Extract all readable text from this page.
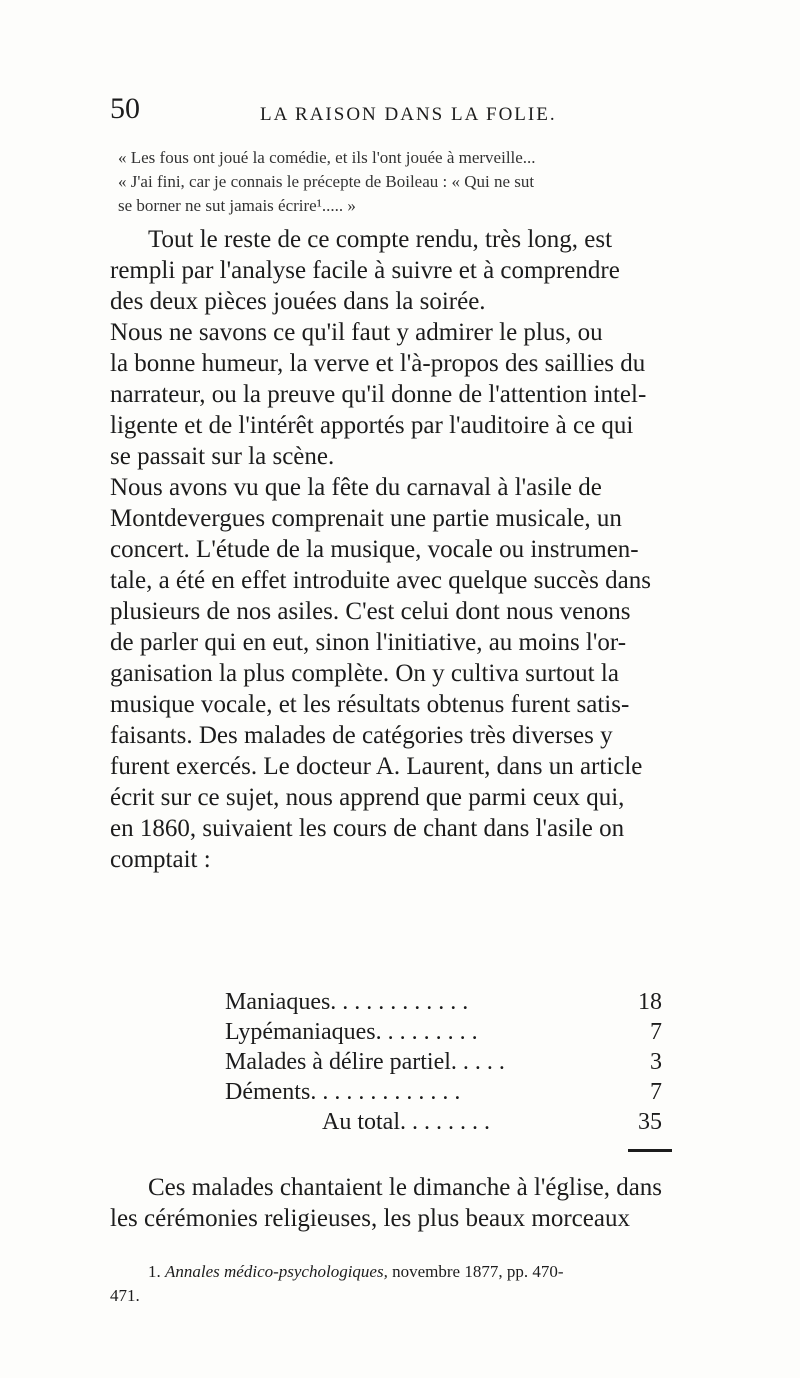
50	LA RAISON DANS LA FOLIE.

« Les fous ont joué la comédie, et ils l'ont jouée à merveille...

« J'ai fini, car je connais le précepte de Boileau : « Qui ne sut

se borner ne sut jamais écrire¹..... »

Tout le reste de ce compte rendu, très long, est

rempli par l'analyse facile à suivre et à comprendre

des deux pièces jouées dans la soirée.

Nous ne savons ce qu'il faut y admirer le plus, ou

la bonne humeur, la verve et l'à-propos des saillies du

narrateur, ou la preuve qu'il donne de l'attention intel-

ligente et de l'intérêt apportés par l'auditoire à ce qui

se passait sur la scène.

Nous avons vu que la fête du carnaval à l'asile de

Montdevergues comprenait une partie musicale, un

concert. L'étude de la musique, vocale ou instrumen-

tale, a été en effet introduite avec quelque succès dans

plusieurs de nos asiles. C'est celui dont nous venons

de parler qui en eut, sinon l'initiative, au moins l'or-

ganisation la plus complète. On y cultiva surtout la

musique vocale, et les résultats obtenus furent satis-

faisants. Des malades de catégories très diverses y

furent exercés. Le docteur A. Laurent, dans un article

écrit sur ce sujet, nous apprend que parmi ceux qui,

en 1860, suivaient les cours de chant dans l'asile on

comptait :

Maniaques. . . . . . . . . . . .	18
Lypémaniaques. . . . . . . . .	7
Malades à délire partiel. . . . .	3
Déments. . . . . . . . . . . . .	7
Au total. . . . . . . .	35

Ces malades chantaient le dimanche à l'église, dans

les cérémonies religieuses, les plus beaux morceaux

1. Annales médico-psychologiques, novembre 1877, pp. 470-

471.
